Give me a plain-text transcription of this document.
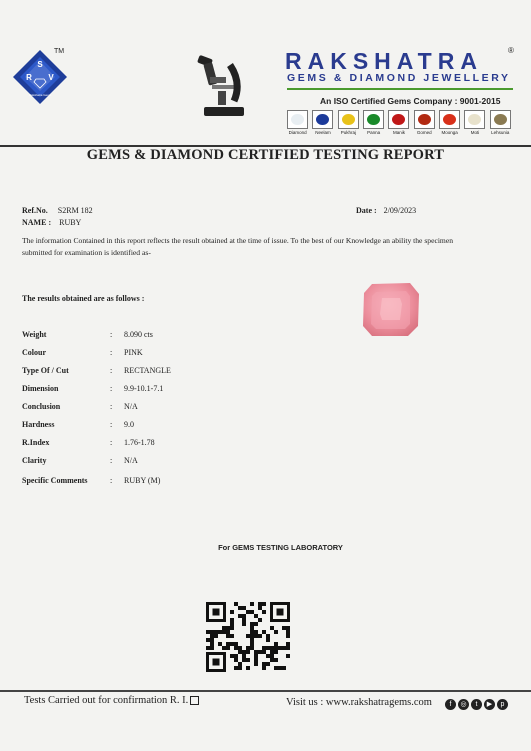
S
R V
Rakshatra Gems
TM	RAKSHATRA	®
GEMS & DIAMOND JEWELLERY
An ISO Certified Gems Company : 9001-2015
Diamond Neelam Pukhraj Panna	Manik	Gomed Moonga	Moti	Lehsunia
GEMS & DIAMOND CERTIFIED TESTING REPORT
Ref.No. S2RM 182
NAME : RUBY
Date : 2/09/2023
The information Contained in this report reflects the result obtained at the time of issue. To the best of our Knowledge an ability the specimen submitted for examination is identified as-
The results obtained are as follows :
Weight	: 8.090 cts
Colour	: PINK
Type Of / Cut	: RECTANGLE
Dimension	: 9.9-10.1-7.1
Conclusion	: N/A
Hardness	: 9.0
R.Index	: 1.76-1.78
Clarity	: N/A
Specific Comments	: RUBY (M)
For GEMS TESTING LABORATORY
Tests Carried out for confirmation R. I.	Visit us : www.rakshatragems.com	f	◎	t	▶	p
